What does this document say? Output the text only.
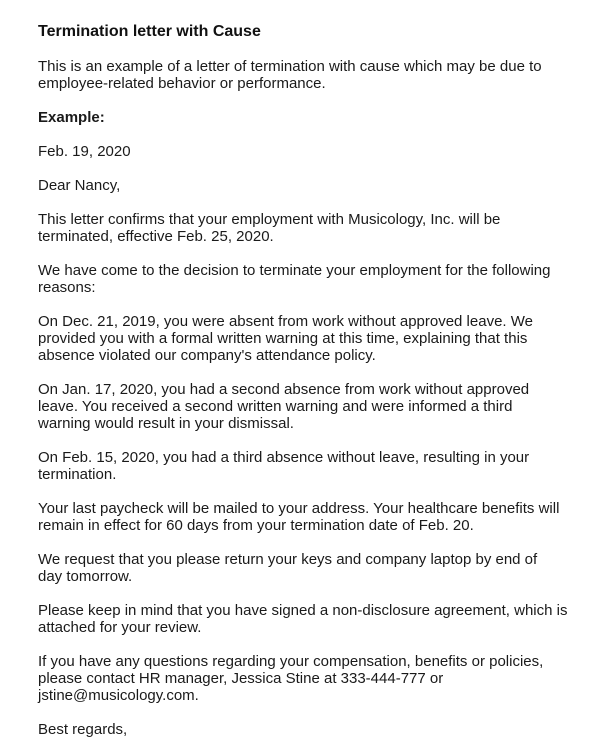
Termination letter with Cause
This is an example of a letter of termination with cause which may be due to
employee-related behavior or performance.
Example:
Feb. 19, 2020
Dear Nancy,
This letter confirms that your employment with Musicology, Inc. will be
terminated, effective Feb. 25, 2020.
We have come to the decision to terminate your employment for the following
reasons:
On Dec. 21, 2019, you were absent from work without approved leave. We
provided you with a formal written warning at this time, explaining that this
absence violated our company's attendance policy.
On Jan. 17, 2020, you had a second absence from work without approved
leave. You received a second written warning and were informed a third
warning would result in your dismissal.
On Feb. 15, 2020, you had a third absence without leave, resulting in your
termination.
Your last paycheck will be mailed to your address. Your healthcare benefits will
remain in effect for 60 days from your termination date of Feb. 20.
We request that you please return your keys and company laptop by end of
day tomorrow.
Please keep in mind that you have signed a non-disclosure agreement, which is
attached for your review.
If you have any questions regarding your compensation, benefits or policies,
please contact HR manager, Jessica Stine at 333-444-777 or
jstine@musicology.com.
Best regards,
